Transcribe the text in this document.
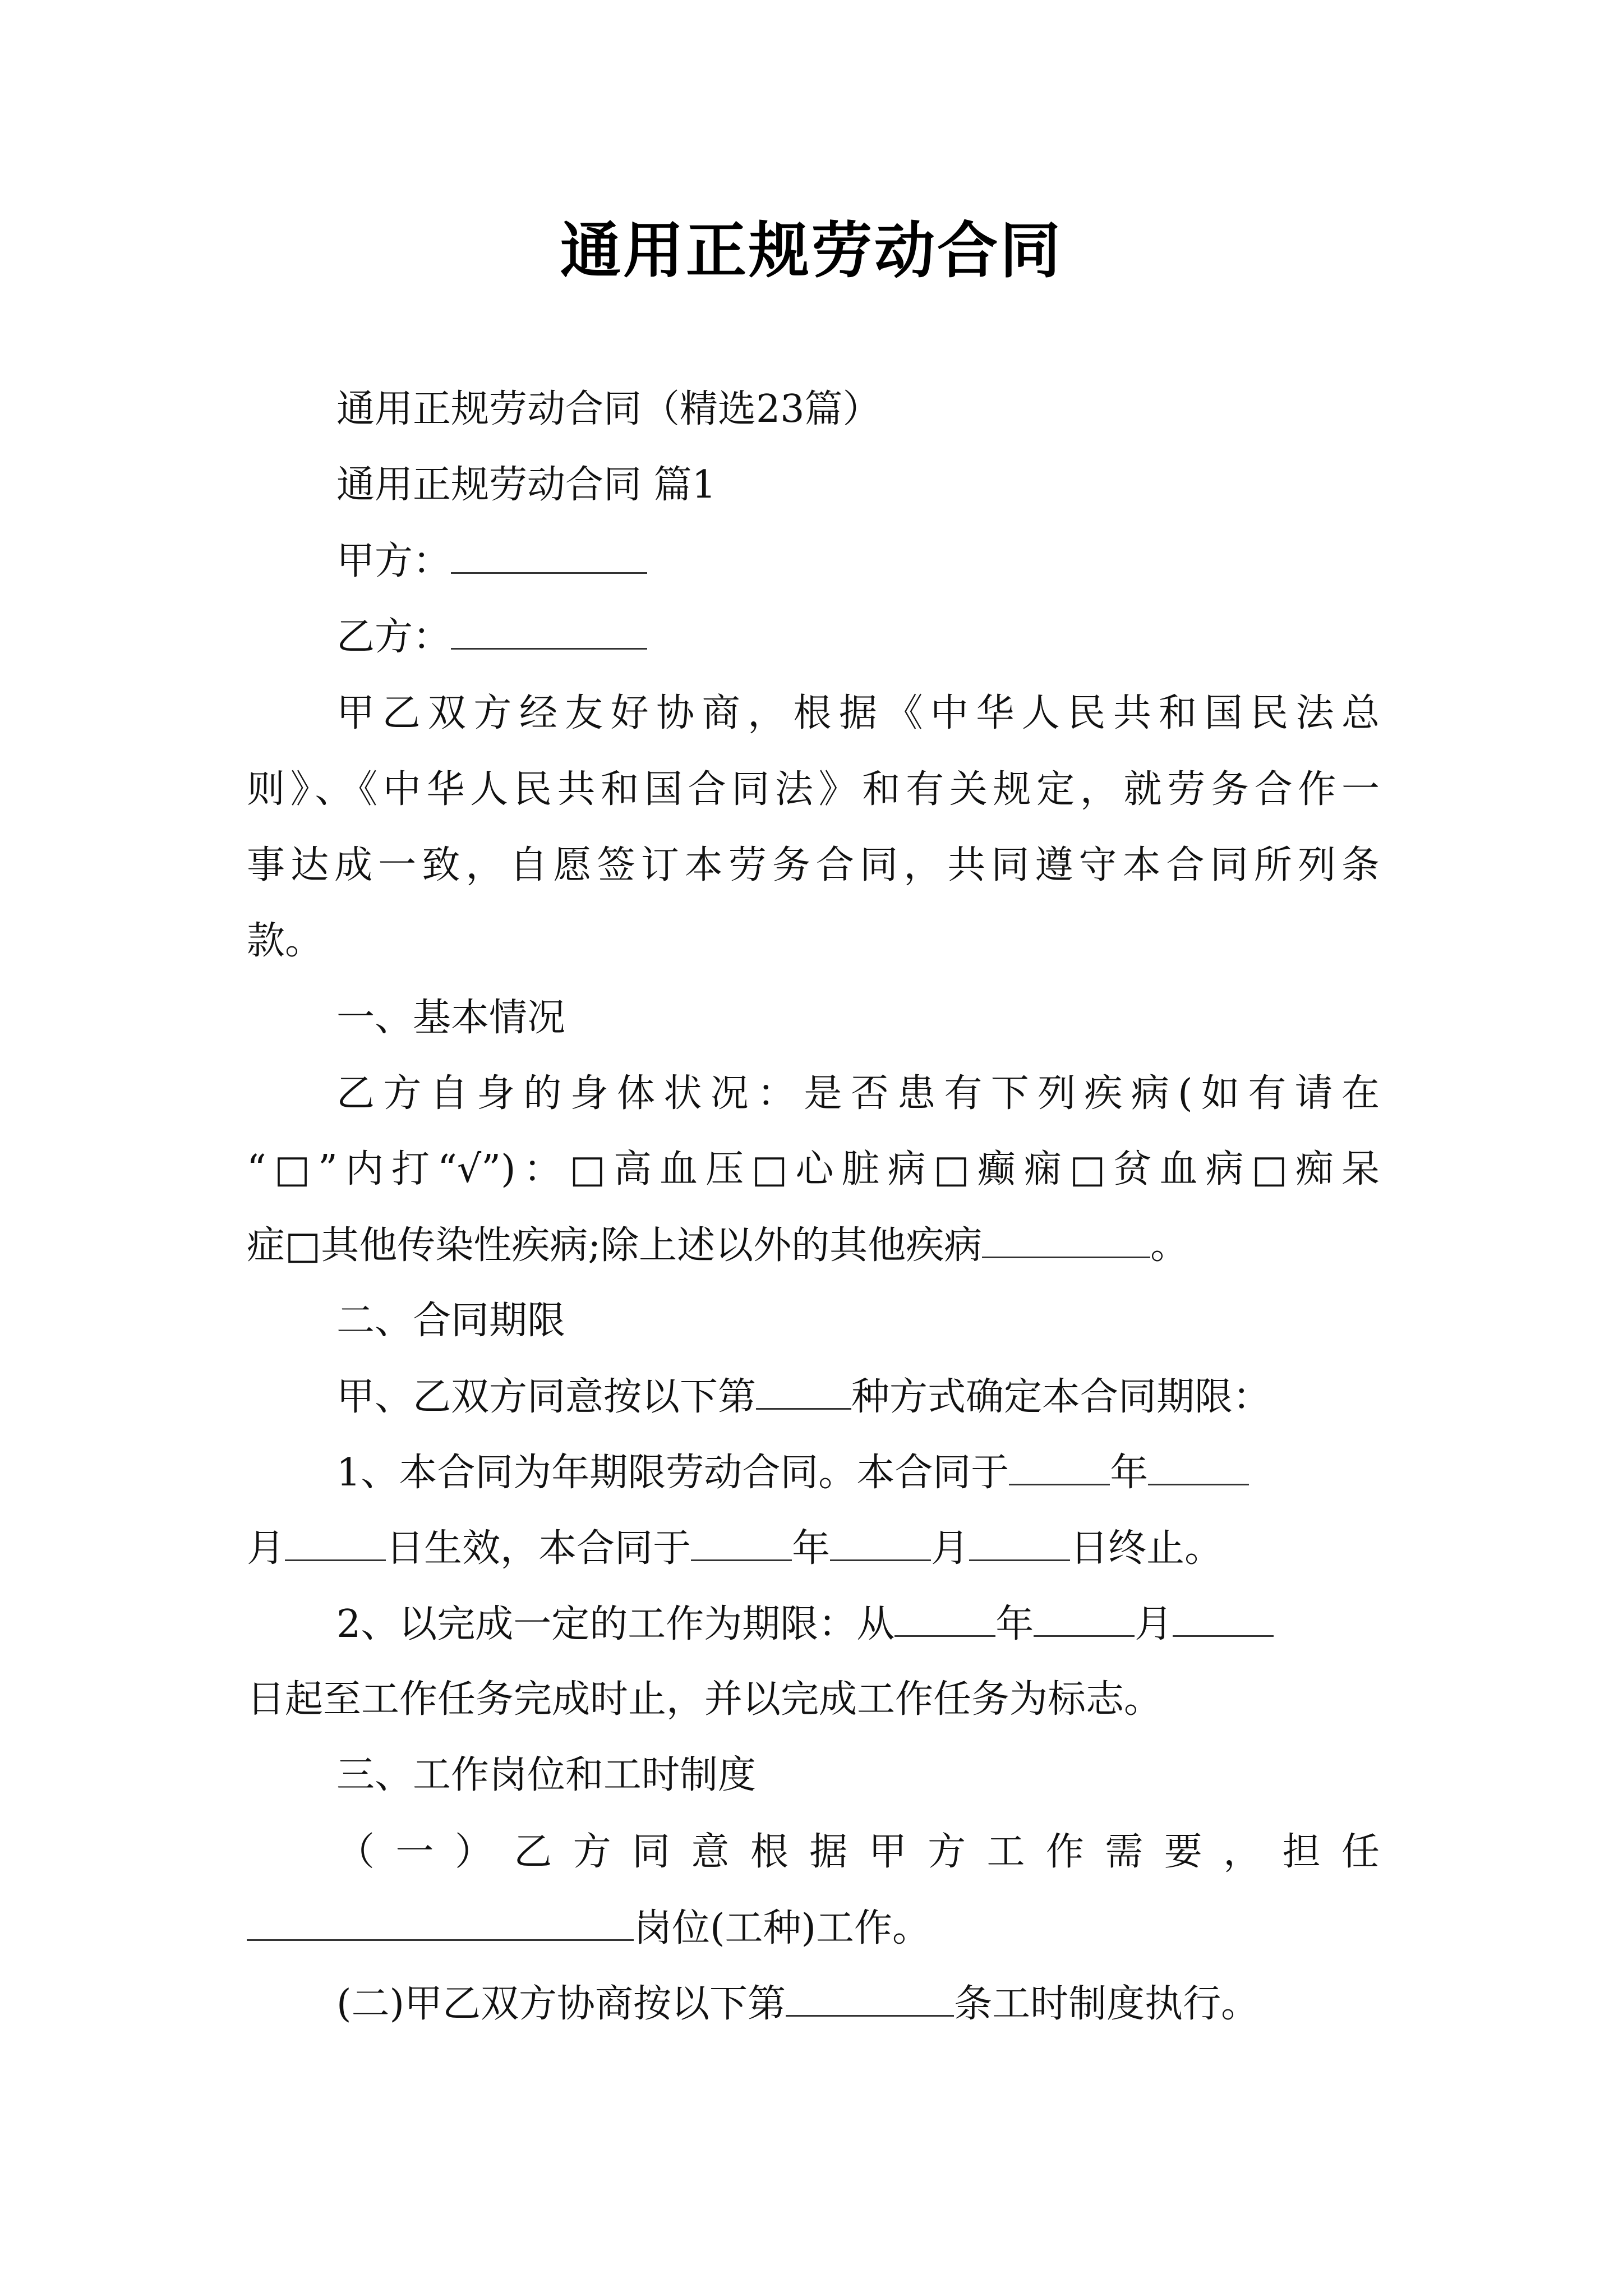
通用正规劳动合同
通用正规劳动合同（精选23篇）
通用正规劳动合同 篇1
甲方：
乙方：
甲乙双方经友好协商，根据《中华人民共和国民法总
则》、《中华人民共和国合同法》和有关规定，就劳务合作一
事达成一致，自愿签订本劳务合同，共同遵守本合同所列条
款。
一、基本情况
乙方自身的身体状况：是否患有下列疾病(如有请在
“□”内打“√”)：□高血压□心脏病□癫痫□贫血病□痴呆
症□其他传染性疾病;除上述以外的其他疾病	。
二、合同期限
甲、乙双方同意按以下第	种方式确定本合同期限：
1、本合同为年期限劳动合同。本合同于	年
月	日生效，本合同于	年	月	日终止。
2、以完成一定的工作为期限：从	年	月
日起至工作任务完成时止，并以完成工作任务为标志。
三、工作岗位和工时制度
（一）乙方同意根据甲方工作需要，担任
岗位(工种)工作。
(二)甲乙双方协商按以下第	条工时制度执行。
